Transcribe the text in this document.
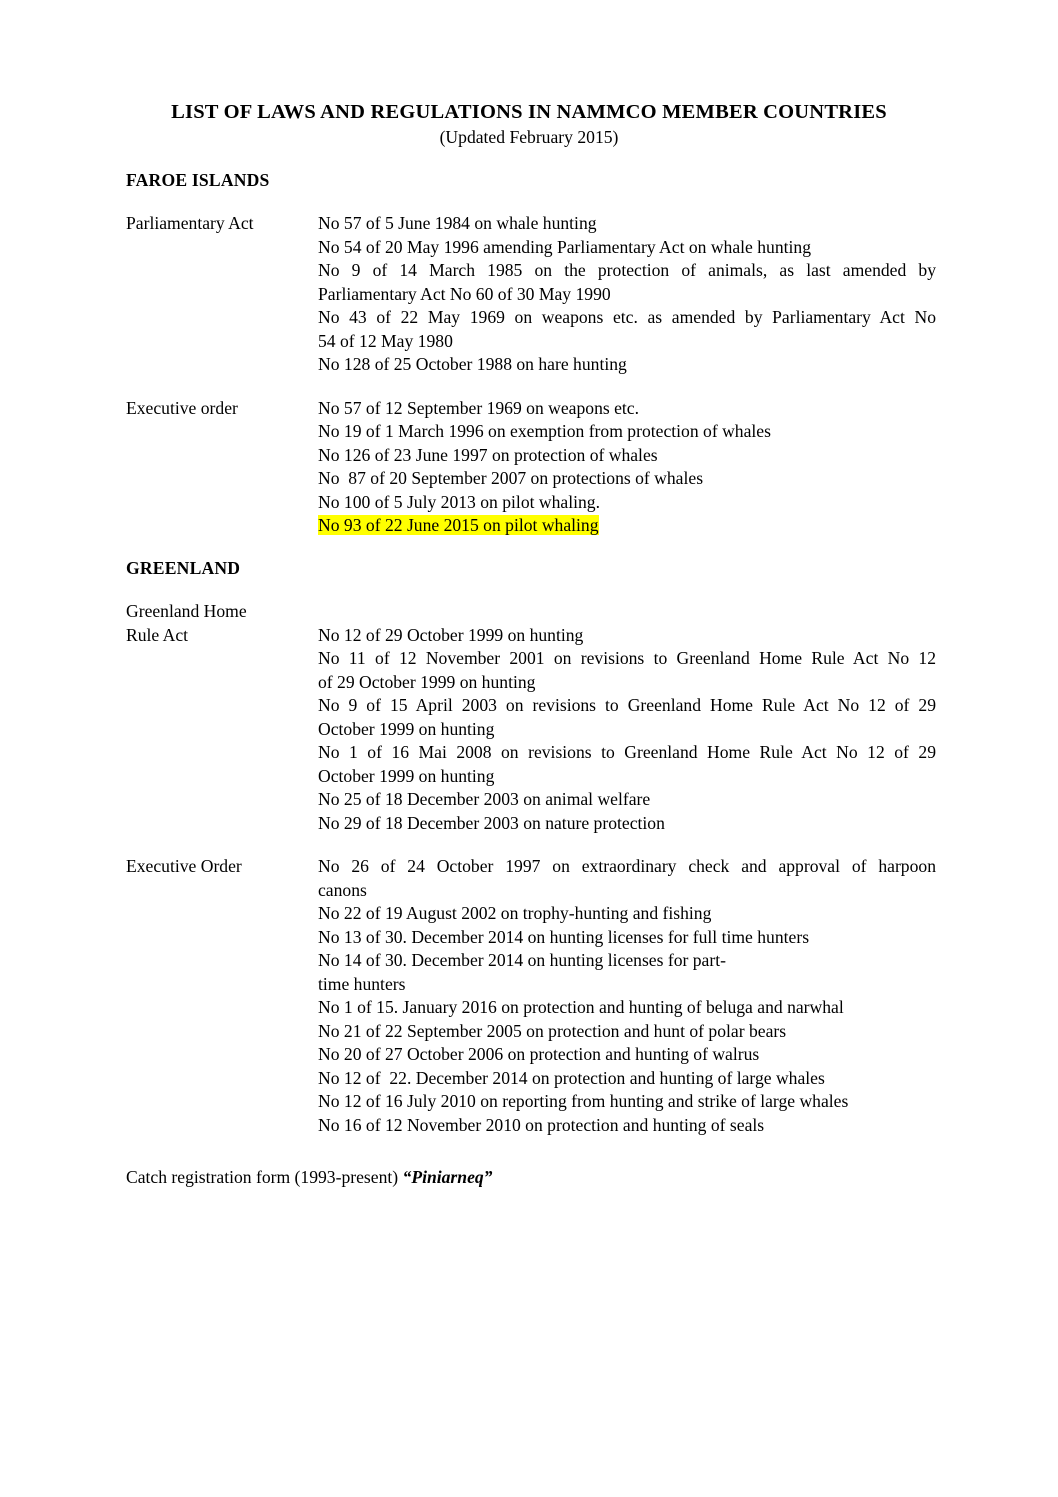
LIST OF LAWS AND REGULATIONS IN NAMMCO MEMBER COUNTRIES
(Updated February 2015)
FAROE ISLANDS
Parliamentary Act	No 57 of 5 June 1984 on whale hunting
No 54 of 20 May 1996 amending Parliamentary Act on whale hunting
No 9 of 14 March 1985 on the protection of animals, as last amended by
Parliamentary Act No 60 of 30 May 1990
No 43 of 22 May 1969 on weapons etc. as amended by Parliamentary Act No
54 of 12 May 1980
No 128 of 25 October 1988 on hare hunting
Executive order	No 57 of 12 September 1969 on weapons etc.
No 19 of 1 March 1996 on exemption from protection of whales
No 126 of 23 June 1997 on protection of whales
No  87 of 20 September 2007 on protections of whales
No 100 of 5 July 2013 on pilot whaling.
No 93 of 22 June 2015 on pilot whaling
GREENLAND
Greenland Home
Rule Act	No 12 of 29 October 1999 on hunting
No 11 of 12 November 2001 on revisions to Greenland Home Rule Act No 12
of 29 October 1999 on hunting
No 9 of 15 April 2003 on revisions to Greenland Home Rule Act No 12 of 29
October 1999 on hunting
No 1 of 16 Mai 2008 on revisions to Greenland Home Rule Act No 12 of 29
October 1999 on hunting
No 25 of 18 December 2003 on animal welfare
No 29 of 18 December 2003 on nature protection
Executive Order	No 26 of 24 October 1997 on extraordinary check and approval of harpoon
canons
No 22 of 19 August 2002 on trophy-hunting and fishing
No 13 of 30. December 2014 on hunting licenses for full time hunters
No 14 of 30. December 2014 on hunting licenses for part-
time hunters
No 1 of 15. January 2016 on protection and hunting of beluga and narwhal
No 21 of 22 September 2005 on protection and hunt of polar bears
No 20 of 27 October 2006 on protection and hunting of walrus
No 12 of  22. December 2014 on protection and hunting of large whales
No 12 of 16 July 2010 on reporting from hunting and strike of large whales
No 16 of 12 November 2010 on protection and hunting of seals
Catch registration form (1993-present) “Piniarneq”
